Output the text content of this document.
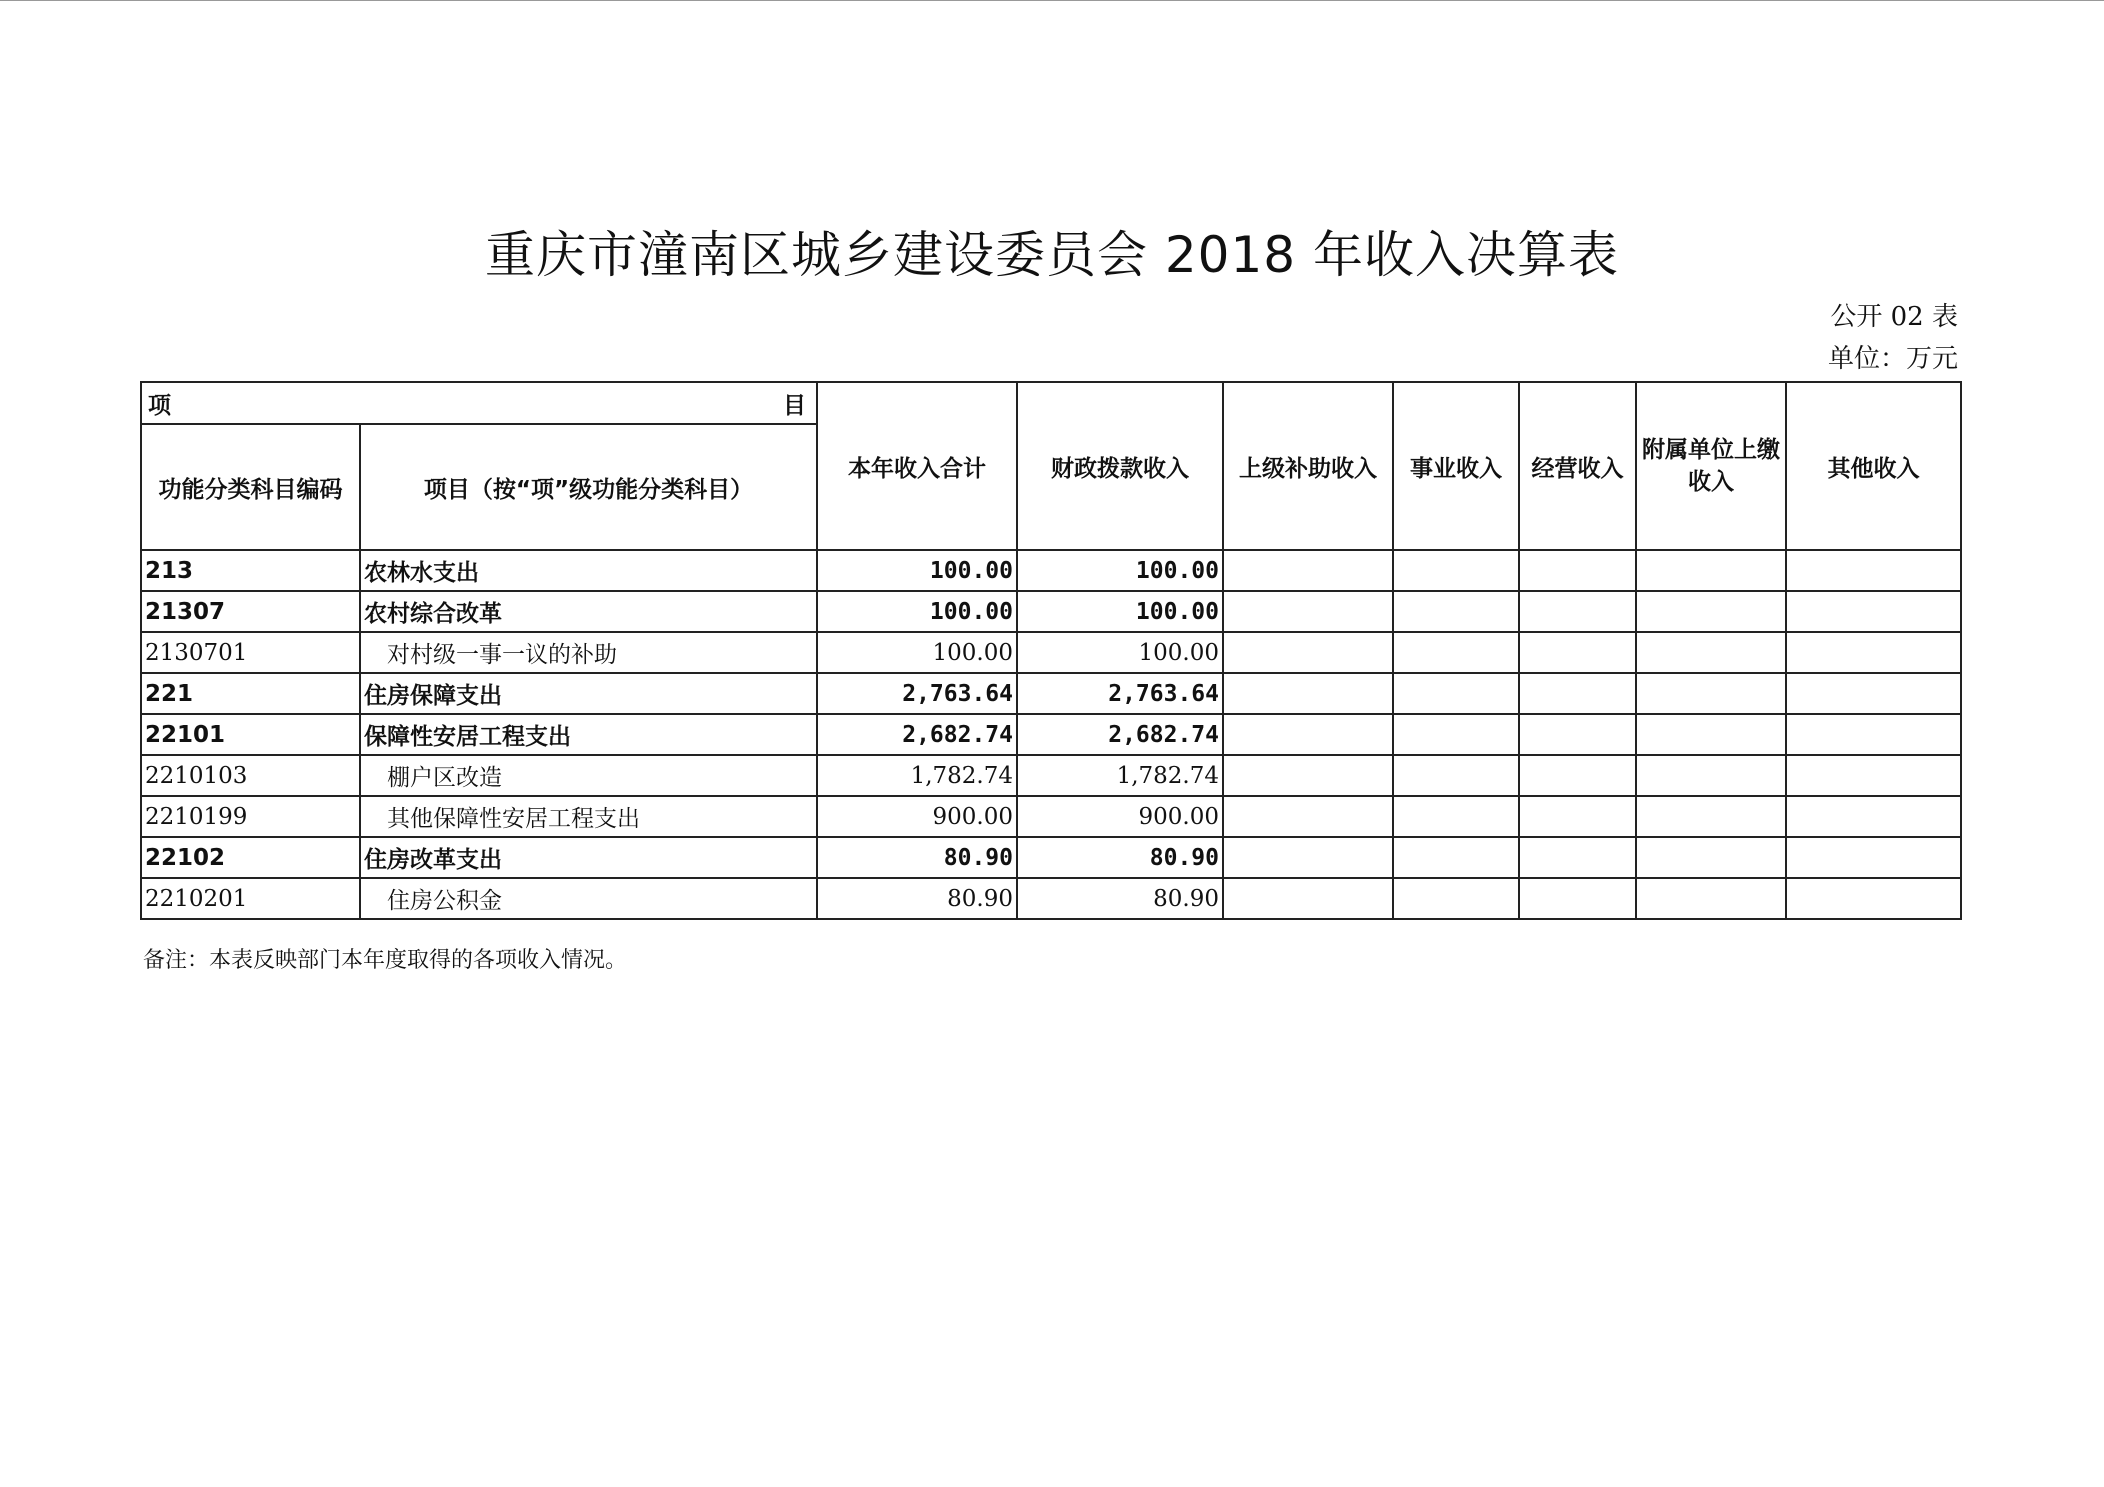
重庆市潼南区城乡建设委员会 2018 年收入决算表
公开 02 表
单位：万元
项 目		本年收入合计	财政拨款收入	上级补助收入	事业收入	经营收入	附属单位上缴收入	其他收入
功能分类科目编码	项目（按“项”级功能分类科目）							
213	农林水支出	100.00	100.00					
21307	农村综合改革	100.00	100.00					
2130701	对村级一事一议的补助	100.00	100.00					
221	住房保障支出	2,763.64	2,763.64					
22101	保障性安居工程支出	2,682.74	2,682.74					
2210103	棚户区改造	1,782.74	1,782.74					
2210199	其他保障性安居工程支出	900.00	900.00					
22102	住房改革支出	80.90	80.90					
2210201	住房公积金	80.90	80.90					
备注：本表反映部门本年度取得的各项收入情况。
